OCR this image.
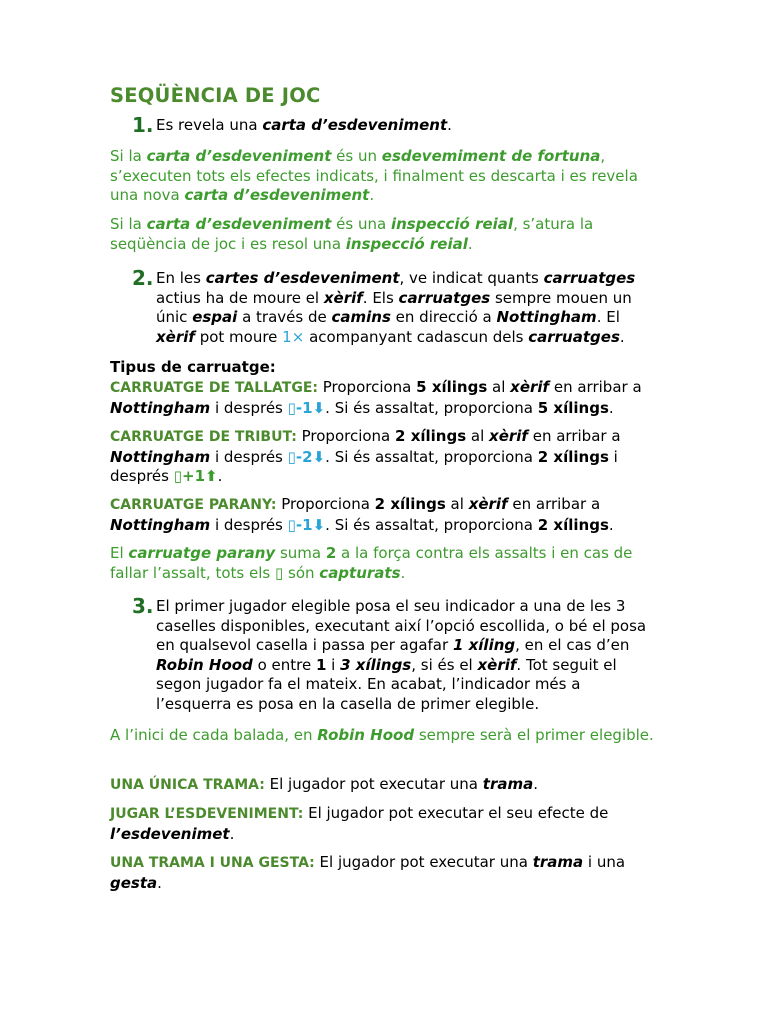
SEQÜÈNCIA DE JOC
1. Es revela una carta d’esdeveniment.

Si la carta d’esdeveniment és un esdevemiment de fortuna, s’executen tots els efectes indicats, i finalment es descarta i es revela una nova carta d’esdeveniment.

Si la carta d’esdeveniment és una inspecció reial, s’atura la seqüència de joc i es resol una inspecció reial.

2. En les cartes d’esdeveniment, ve indicat quants carruatges actius ha de moure el xèrif. Els carruatges sempre mouen un únic espai a través de camins en direcció a Nottingham. El xèrif pot moure 1× acompanyant cadascun dels carruatges.

Tipus de carruatge:

CARRUATGE DE TALLATGE: Proporciona 5 xílings al xèrif en arribar a Nottingham i després ▯-1⬇. Si és assaltat, proporciona 5 xílings.

CARRUATGE DE TRIBUT: Proporciona 2 xílings al xèrif en arribar a Nottingham i després ▯-2⬇. Si és assaltat, proporciona 2 xílings i després ▯+1⬆.

CARRUATGE PARANY: Proporciona 2 xílings al xèrif en arribar a Nottingham i després ▯-1⬇. Si és assaltat, proporciona 2 xílings.

El carruatge parany suma 2 a la força contra els assalts i en cas de fallar l’assalt, tots els ▯ són capturats.

3. El primer jugador elegible posa el seu indicador a una de les 3 caselles disponibles, executant així l’opció escollida, o bé el posa en qualsevol casella i passa per agafar 1 xíling, en el cas d’en Robin Hood o entre 1 i 3 xílings, si és el xèrif. Tot seguit el segon jugador fa el mateix. En acabat, l’indicador més a l’esquerra es posa en la casella de primer elegible.

A l’inici de cada balada, en Robin Hood sempre serà el primer elegible.

UNA ÚNICA TRAMA: El jugador pot executar una trama.

JUGAR L’ESDEVENIMENT: El jugador pot executar el seu efecte de l’esdevenimet.

UNA TRAMA I UNA GESTA: El jugador pot executar una trama i una gesta.
